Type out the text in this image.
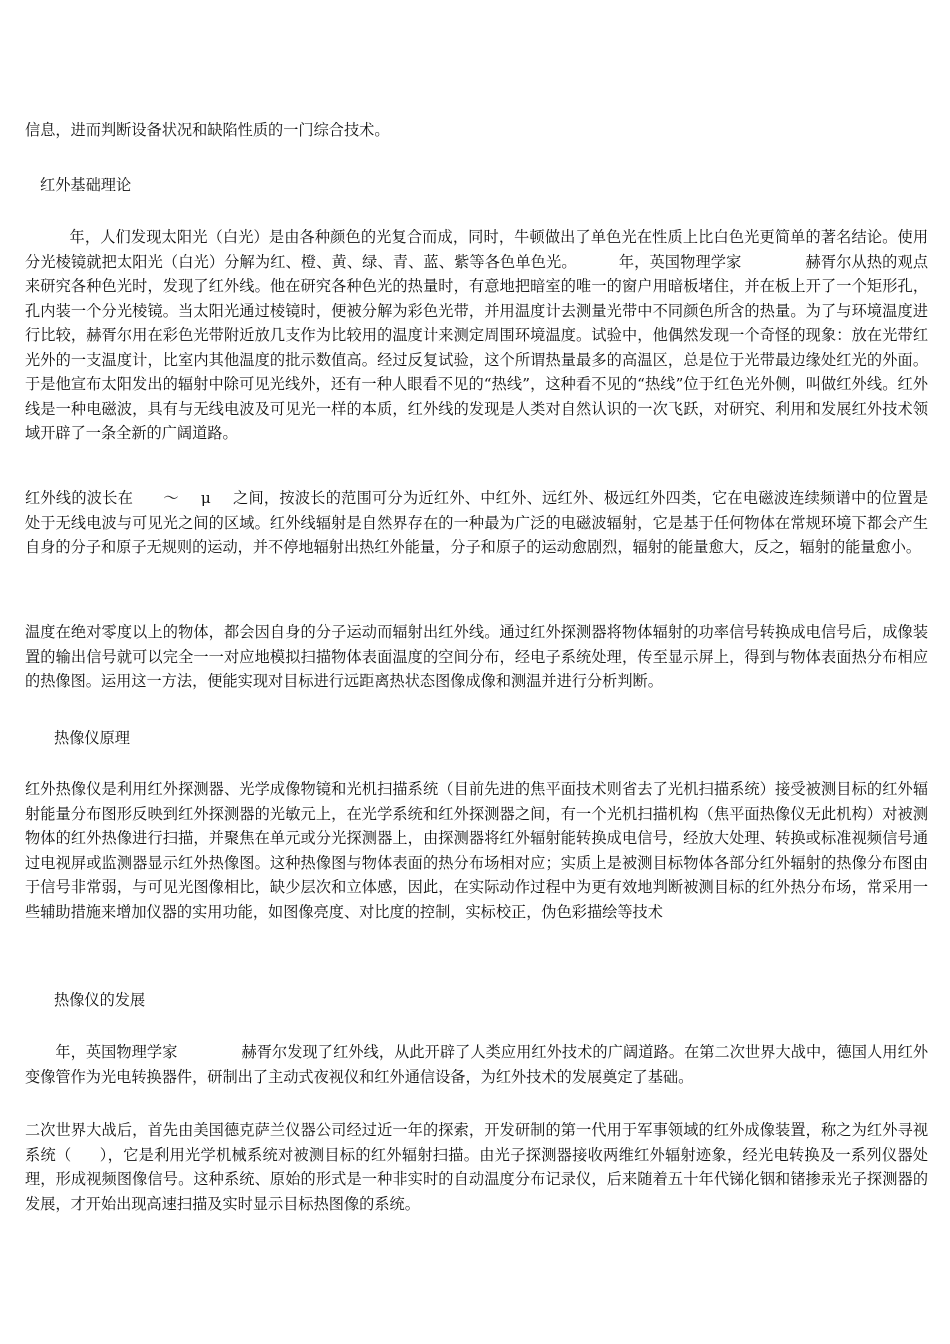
信息，进而判断设备状况和缺陷性质的一门综合技术。

红外基础理论

年，人们发现太阳光（白光）是由各种颜色的光复合而成，同时，牛顿做出了单色光在性质上比白色光更简单的著名结论。使用分光棱镜就把太阳光（白光）分解为红、橙、黄、绿、青、蓝、紫等各色单色光。	年，英国物理学家	赫胥尔从热的观点来研究各种色光时，发现了红外线。他在研究各种色光的热量时，有意地把暗室的唯一的窗户用暗板堵住，并在板上开了一个矩形孔，孔内装一个分光棱镜。当太阳光通过棱镜时，便被分解为彩色光带，并用温度计去测量光带中不同颜色所含的热量。为了与环境温度进行比较，赫胥尔用在彩色光带附近放几支作为比较用的温度计来测定周围环境温度。试验中，他偶然发现一个奇怪的现象：放在光带红光外的一支温度计，比室内其他温度的批示数值高。经过反复试验，这个所谓热量最多的高温区，总是位于光带最边缘处红光的外面。于是他宣布太阳发出的辐射中除可见光线外，还有一种人眼看不见的“热线”，这种看不见的“热线”位于红色光外侧，叫做红外线。红外线是一种电磁波，具有与无线电波及可见光一样的本质，红外线的发现是人类对自然认识的一次飞跃，对研究、利用和发展红外技术领域开辟了一条全新的广阔道路。

红外线的波长在 ～ μ 之间，按波长的范围可分为近红外、中红外、远红外、极远红外四类，它在电磁波连续频谱中的位置是处于无线电波与可见光之间的区域。红外线辐射是自然界存在的一种最为广泛的电磁波辐射，它是基于任何物体在常规环境下都会产生自身的分子和原子无规则的运动，并不停地辐射出热红外能量，分子和原子的运动愈剧烈，辐射的能量愈大，反之，辐射的能量愈小。

温度在绝对零度以上的物体，都会因自身的分子运动而辐射出红外线。通过红外探测器将物体辐射的功率信号转换成电信号后，成像装置的输出信号就可以完全一一对应地模拟扫描物体表面温度的空间分布，经电子系统处理，传至显示屏上，得到与物体表面热分布相应的热像图。运用这一方法，便能实现对目标进行远距离热状态图像成像和测温并进行分析判断。

热像仪原理

红外热像仪是利用红外探测器、光学成像物镜和光机扫描系统（目前先进的焦平面技术则省去了光机扫描系统）接受被测目标的红外辐射能量分布图形反映到红外探测器的光敏元上，在光学系统和红外探测器之间，有一个光机扫描机构（焦平面热像仪无此机构）对被测物体的红外热像进行扫描，并聚焦在单元或分光探测器上，由探测器将红外辐射能转换成电信号，经放大处理、转换或标准视频信号通过电视屏或监测器显示红外热像图。这种热像图与物体表面的热分布场相对应；实质上是被测目标物体各部分红外辐射的热像分布图由于信号非常弱，与可见光图像相比，缺少层次和立体感，因此，在实际动作过程中为更有效地判断被测目标的红外热分布场，常采用一些辅助措施来增加仪器的实用功能，如图像亮度、对比度的控制，实标校正，伪色彩描绘等技术

热像仪的发展

年，英国物理学家	赫胥尔发现了红外线，从此开辟了人类应用红外技术的广阔道路。在第二次世界大战中，德国人用红外变像管作为光电转换器件，研制出了主动式夜视仪和红外通信设备，为红外技术的发展奠定了基础。

二次世界大战后，首先由美国德克萨兰仪器公司经过近一年的探索，开发研制的第一代用于军事领域的红外成像装置，称之为红外寻视系统（ ），它是利用光学机械系统对被测目标的红外辐射扫描。由光子探测器接收两维红外辐射迹象，经光电转换及一系列仪器处理，形成视频图像信号。这种系统、原始的形式是一种非实时的自动温度分布记录仪，后来随着五十年代锑化铟和锗掺汞光子探测器的发展，才开始出现高速扫描及实时显示目标热图像的系统。
